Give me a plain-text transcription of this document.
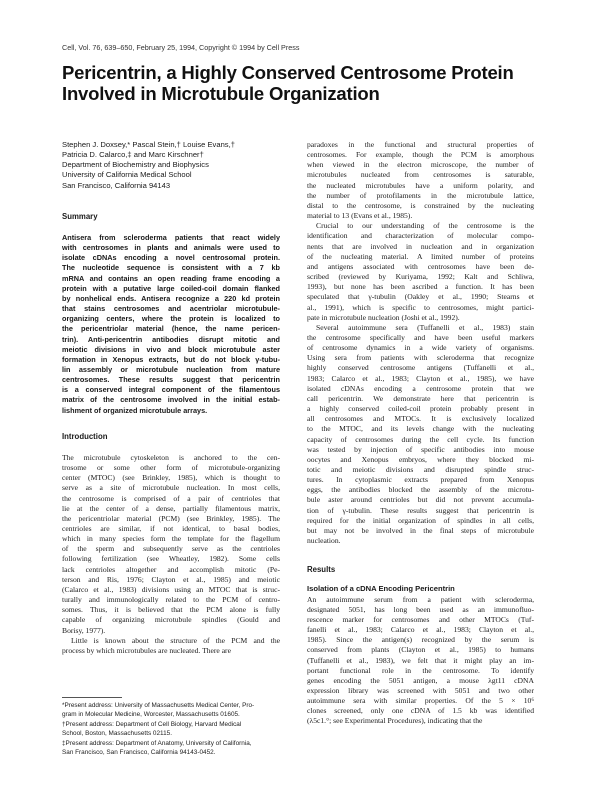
Cell, Vol. 76, 639–650, February 25, 1994, Copyright © 1994 by Cell Press
Pericentrin, a Highly Conserved Centrosome Protein
Involved in Microtubule Organization
Stephen J. Doxsey,* Pascal Stein,† Louise Evans,†
Patricia D. Calarco,‡ and Marc Kirschner†
Department of Biochemistry and Biophysics
University of California Medical School
San Francisco, California 94143
Summary
Antisera from scleroderma patients that react widely
with centrosomes in plants and animals were used to
isolate cDNAs encoding a novel centrosomal protein.
The nucleotide sequence is consistent with a 7 kb
mRNA and contains an open reading frame encoding a
protein with a putative large coiled-coil domain flanked
by nonhelical ends. Antisera recognize a 220 kd protein
that stains centrosomes and acentriolar microtubule-
organizing centers, where the protein is localized to
the pericentriolar material (hence, the name pericen-
trin). Anti-pericentrin antibodies disrupt mitotic and
meiotic divisions in vivo and block microtubule aster
formation in Xenopus extracts, but do not block γ-tubu-
lin assembly or microtubule nucleation from mature
centrosomes. These results suggest that pericentrin
is a conserved integral component of the filamentous
matrix of the centrosome involved in the initial estab-
lishment of organized microtubule arrays.
Introduction
The microtubule cytoskeleton is anchored to the cen-
trosome or some other form of microtubule-organizing
center (MTOC) (see Brinkley, 1985), which is thought to
serve as a site of microtubule nucleation. In most cells,
the centrosome is comprised of a pair of centrioles that
lie at the center of a dense, partially filamentous matrix,
the pericentriolar material (PCM) (see Brinkley, 1985). The
centrioles are similar, if not identical, to basal bodies,
which in many species form the template for the flagellum
of the sperm and subsequently serve as the centrioles
following fertilization (see Wheatley, 1982). Some cells
lack centrioles altogether and accomplish mitotic (Pe-
terson and Ris, 1976; Clayton et al., 1985) and meiotic
(Calarco et al., 1983) divisions using an MTOC that is struc-
turally and immunologically related to the PCM of centro-
somes. Thus, it is believed that the PCM alone is fully
capable of organizing microtubule spindles (Gould and
Borisy, 1977).
Little is known about the structure of the PCM and the
process by which microtubules are nucleated. There are
*Present address: University of Massachusetts Medical Center, Pro-
gram in Molecular Medicine, Worcester, Massachusetts 01605.
†Present address: Department of Cell Biology, Harvard Medical
School, Boston, Massachusetts 02115.
‡Present address: Department of Anatomy, University of California,
San Francisco, San Francisco, California 94143-0452.
paradoxes in the functional and structural properties of
centrosomes. For example, though the PCM is amorphous
when viewed in the electron microscope, the number of
microtubules nucleated from centrosomes is saturable,
the nucleated microtubules have a uniform polarity, and
the number of protofilaments in the microtubule lattice,
distal to the centrosome, is constrained by the nucleating
material to 13 (Evans et al., 1985).
Crucial to our understanding of the centrosome is the
identification and characterization of molecular compo-
nents that are involved in nucleation and in organization
of the nucleating material. A limited number of proteins
and antigens associated with centrosomes have been de-
scribed (reviewed by Kuriyama, 1992; Kalt and Schliwa,
1993), but none has been ascribed a function. It has been
speculated that γ-tubulin (Oakley et al., 1990; Stearns et
al., 1991), which is specific to centrosomes, might partici-
pate in microtubule nucleation (Joshi et al., 1992).
Several autoimmune sera (Tuffanelli et al., 1983) stain
the centrosome specifically and have been useful markers
of centrosome dynamics in a wide variety of organisms.
Using sera from patients with scleroderma that recognize
highly conserved centrosome antigens (Tuffanelli et al.,
1983; Calarco et al., 1983; Clayton et al., 1985), we have
isolated cDNAs encoding a centrosome protein that we
call pericentrin. We demonstrate here that pericentrin is
a highly conserved coiled-coil protein probably present in
all centrosomes and MTOCs. It is exclusively localized
to the MTOC, and its levels change with the nucleating
capacity of centrosomes during the cell cycle. Its function
was tested by injection of specific antibodies into mouse
oocytes and Xenopus embryos, where they blocked mi-
totic and meiotic divisions and disrupted spindle struc-
tures. In cytoplasmic extracts prepared from Xenopus
eggs, the antibodies blocked the assembly of the microtu-
bule aster around centrioles but did not prevent accumula-
tion of γ-tubulin. These results suggest that pericentrin is
required for the initial organization of spindles in all cells,
but may not be involved in the final steps of microtubule
nucleation.
Results
Isolation of a cDNA Encoding Pericentrin
An autoimmune serum from a patient with scleroderma,
designated 5051, has long been used as an immunofluo-
rescence marker for centrosomes and other MTOCs (Tuf-
fanelli et al., 1983; Calarco et al., 1983; Clayton et al.,
1985). Since the antigen(s) recognized by the serum is
conserved from plants (Clayton et al., 1985) to humans
(Tuffanelli et al., 1983), we felt that it might play an im-
portant functional role in the centrosome. To identify
genes encoding the 5051 antigen, a mouse λgt11 cDNA
expression library was screened with 5051 and two other
autoimmune sera with similar properties. Of the 5 × 10⁶
clones screened, only one cDNA of 1.5 kb was identified
(λ5c1.°; see Experimental Procedures), indicating that the
